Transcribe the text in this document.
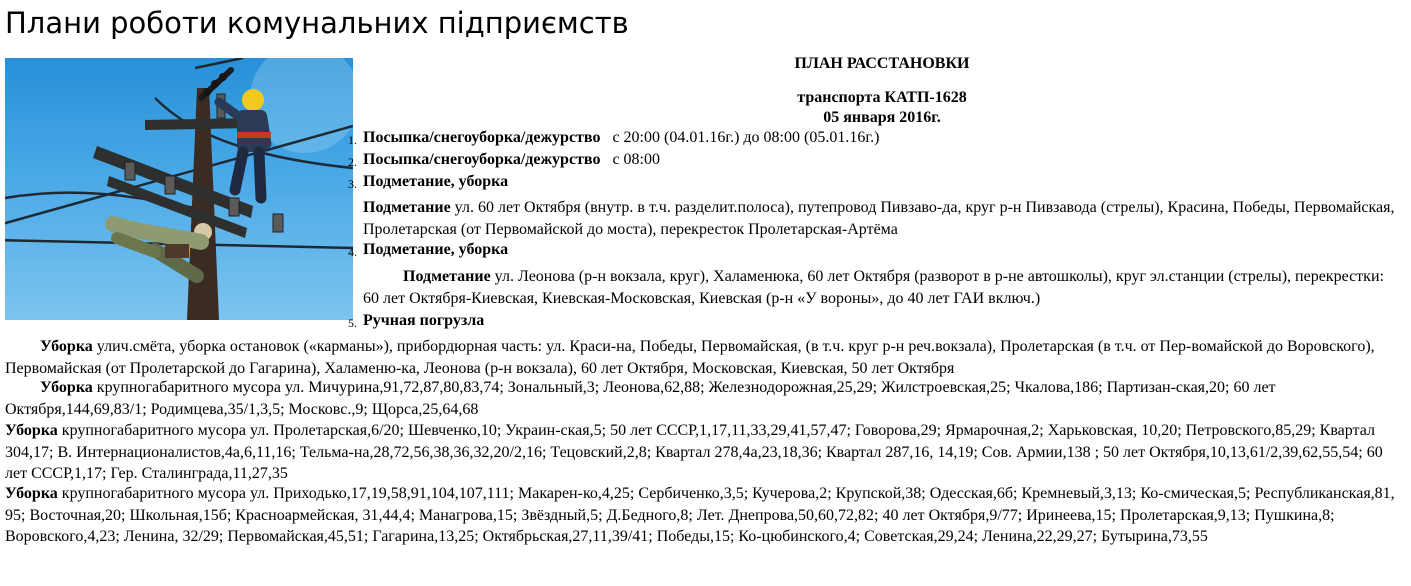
Плани роботи комунальних підприємств
ПЛАН РАССТАНОВКИ
транспорта КАТП-1628
05 января 2016г.
1. Посыпка/снегоуборка/дежурство с 20:00 (04.01.16г.) до 08:00 (05.01.16г.)
2. Посыпка/снегоуборка/дежурство с 08:00
3. Подметание, уборка

Подметание ул. 60 лет Октября (внутр. в т.ч. разделит.полоса), путепровод Пивзаво-да, круг р-н Пивзавода (стрелы), Красина, Победы, Первомайская, Пролетарская (от Первомайской до моста), перекресток Пролетарская-Артёма

4. Подметание, уборка

Подметание ул. Леонова (р-н вокзала, круг), Халаменюка, 60 лет Октября (разворот в р-не автошколы), круг эл.станции (стрелы), перекрестки: 60 лет Октября-Киевская, Киевская-Московская, Киевская (р-н «У вороны», до 40 лет ГАИ включ.)

5. Ручная погрузла

Уборка улич.смёта, уборка остановок («карманы»), прибордюрная часть: ул. Краси-на, Победы, Первомайская, (в т.ч. круг р-н реч.вокзала), Пролетарская (в т.ч. от Пер-вомайской до Воровского), Первомайская (от Пролетарской до Гагарина), Халаменю-ка, Леонова (р-н вокзала), 60 лет Октября, Московская, Киевская, 50 лет Октября

Уборка крупногабаритного мусора ул. Мичурина,91,72,87,80,83,74; Зональный,3; Леонова,62,88; Железнодорожная,25,29; Жилстроевская,25; Чкалова,186; Партизан-ская,20; 60 лет Октября,144,69,83/1; Родимцева,35/1,3,5; Московс.,9; Щорса,25,64,68

Уборка крупногабаритного мусора ул. Пролетарская,6/20; Шевченко,10; Украин-ская,5; 50 лет СССР,1,17,11,33,29,41,57,47; Говорова,29; Ярмарочная,2; Харьковская, 10,20; Петровского,85,29; Квартал 304,17; В. Интернационалистов,4а,6,11,16; Тельма-на,28,72,56,38,36,32,20/2,16; Тецовский,2,8; Квартал 278,4а,23,18,36; Квартал 287,16, 14,19; Сов. Армии,138 ; 50 лет Октября,10,13,61/2,39,62,55,54; 60 лет СССР,1,17; Гер. Сталинграда,11,27,35

Уборка крупногабаритного мусора ул. Приходько,17,19,58,91,104,107,111; Макарен-ко,4,25; Сербиченко,3,5; Кучерова,2; Крупской,38; Одесская,6б; Кремневый,3,13; Ко-смическая,5; Республиканская,81, 95; Восточная,20; Школьная,15б; Красноармейская, 31,44,4; Манагрова,15; Звёздный,5; Д.Бедного,8; Лет. Днепрова,50,60,72,82; 40 лет Октября,9/77; Иринеева,15; Пролетарская,9,13; Пушкина,8; Воровского,4,23; Ленина, 32/29; Первомайская,45,51; Гагарина,13,25; Октябрьская,27,11,39/41; Победы,15; Ко-цюбинского,4; Советская,29,24; Ленина,22,29,27; Бутырина,73,55
